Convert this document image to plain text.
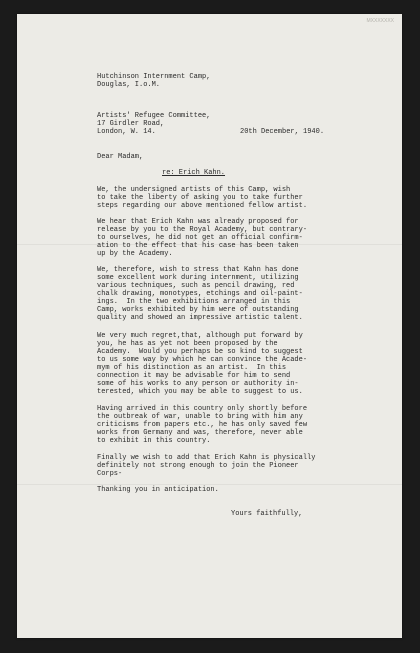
MXXXXXXX

Hutchinson Internment Camp,

Douglas, I.o.M.

Artists' Refugee Committee,

17 Girdler Road,

London, W. 14.

	20th December, 1940.

Dear Madam,

re: Erich Kahn.

We, the undersigned artists of this Camp, wish

to take the liberty of asking you to take further

steps regarding our above mentioned fellow artist.

We hear that Erich Kahn was already proposed for

release by you to the Royal Academy, but contrary-

to ourselves, he did not get an official confirm-

ation to the effect that his case has been taken

up by the Academy.

We, therefore, wish to stress that Kahn has done

some excellent work during internment, utilizing

various techniques, such as pencil drawing, red

chalk drawing, monotypes, etchings and oil-paint-

ings.  In the two exhibitions arranged in this

Camp, works exhibited by him were of outstanding

quality and showed an impressive artistic talent.

We very much regret,that, although put forward by

you, he has as yet not been proposed by the

Academy.  Would you perhaps be so kind to suggest

to us some way by which he can convince the Acade-

mym of his distinction as an artist.  In this

connection it may be advisable for him to send

some of his works to any person or authority in-

terested, which you may be able to suggest to us.

Having arrived in this country only shortly before

the outbreak of war, unable to bring with him any

criticisms from papers etc., he has only saved few

works from Germany and was, therefore, never able

to exhibit in this country.

Finally we wish to add that Erich Kahn is physically

definitely not strong enough to join the Pioneer

Corps-

Thanking you in anticipation.

Yours faithfully,
